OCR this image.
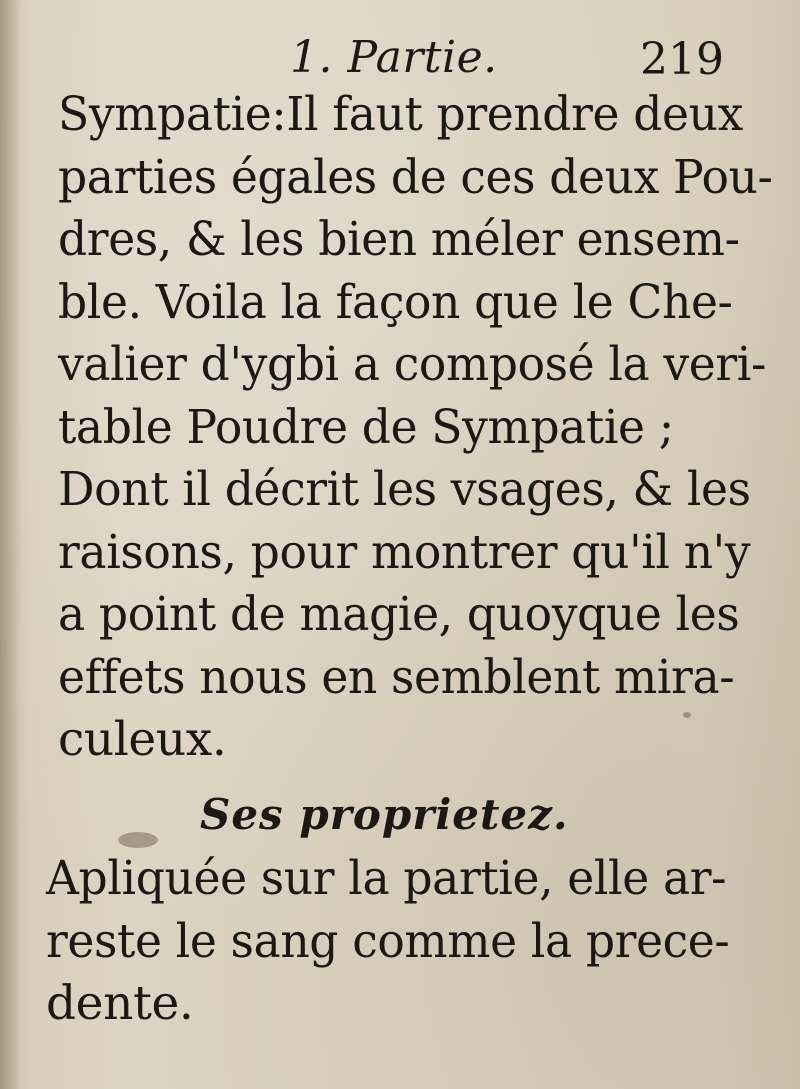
1. Partie.	219
Sympatie:Il faut prendre deux
parties égales de ces deux Pou-
dres, & les bien méler ensem-
ble. Voila la façon que le Che-
valier d'ygbi a composé la veri-
table Poudre de Sympatie ;
Dont il décrit les vsages, & les
raisons, pour montrer qu'il n'y
a point de magie, quoyque les
effets nous en semblent mira-
culeux.
Ses proprietez.
Apliquée sur la partie, elle ar-
reste le sang comme la prece-
dente.
